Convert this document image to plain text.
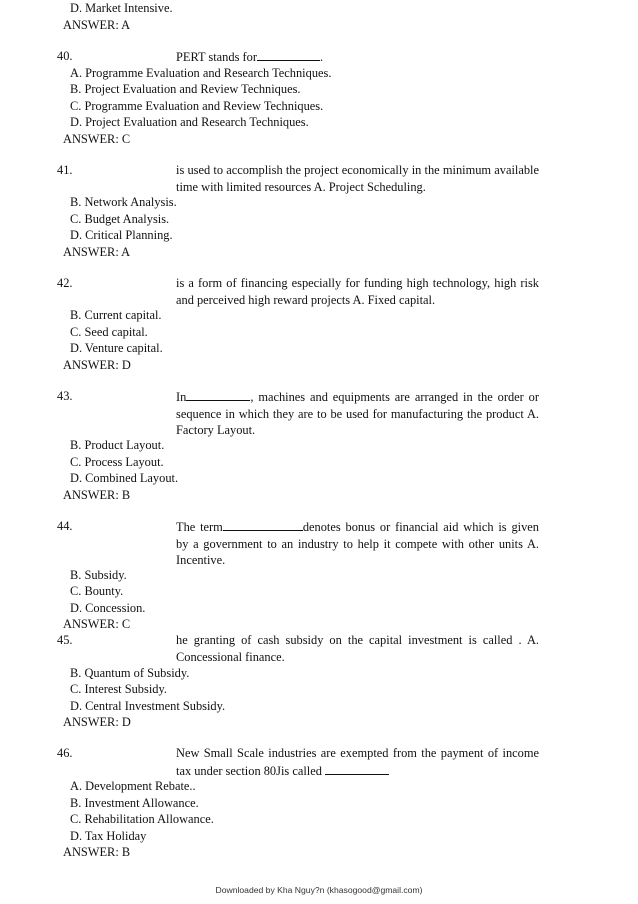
D. Market Intensive.
ANSWER: A
40.	PERT stands for	.
A. Programme Evaluation and Research Techniques.
B. Project Evaluation and Review Techniques.
C. Programme Evaluation and Review Techniques.
D. Project Evaluation and Research Techniques.
ANSWER: C
41.	is used to accomplish the project economically in the minimum available time with limited resources A. Project Scheduling.
B. Network Analysis.
C. Budget Analysis.
D. Critical Planning.
ANSWER: A
42.	is a form of financing especially for funding high technology, high risk and perceived high reward projects A. Fixed capital.
B. Current capital.
C. Seed capital.
D. Venture capital.
ANSWER: D
43.	In	, machines and equipments are arranged in the order or sequence in which they are to be used for manufacturing the product A. Factory Layout.
B. Product Layout.
C. Process Layout.
D. Combined Layout.
ANSWER: B
44.	The term	denotes bonus or financial aid which is given by a government to an industry to help it compete with other units A. Incentive.
B. Subsidy.
C. Bounty.
D. Concession.
ANSWER: C
45.	he granting of cash subsidy on the capital investment is called . A. Concessional finance.
B. Quantum of Subsidy.
C. Interest Subsidy.
D. Central Investment Subsidy.
ANSWER: D
46.	New Small Scale industries are exempted from the payment of income tax under section 80Jis called
A. Development Rebate..
B. Investment Allowance.
C. Rehabilitation Allowance.
D. Tax Holiday
ANSWER: B
Downloaded by Kha Nguy?n (khasogood@gmail.com)
